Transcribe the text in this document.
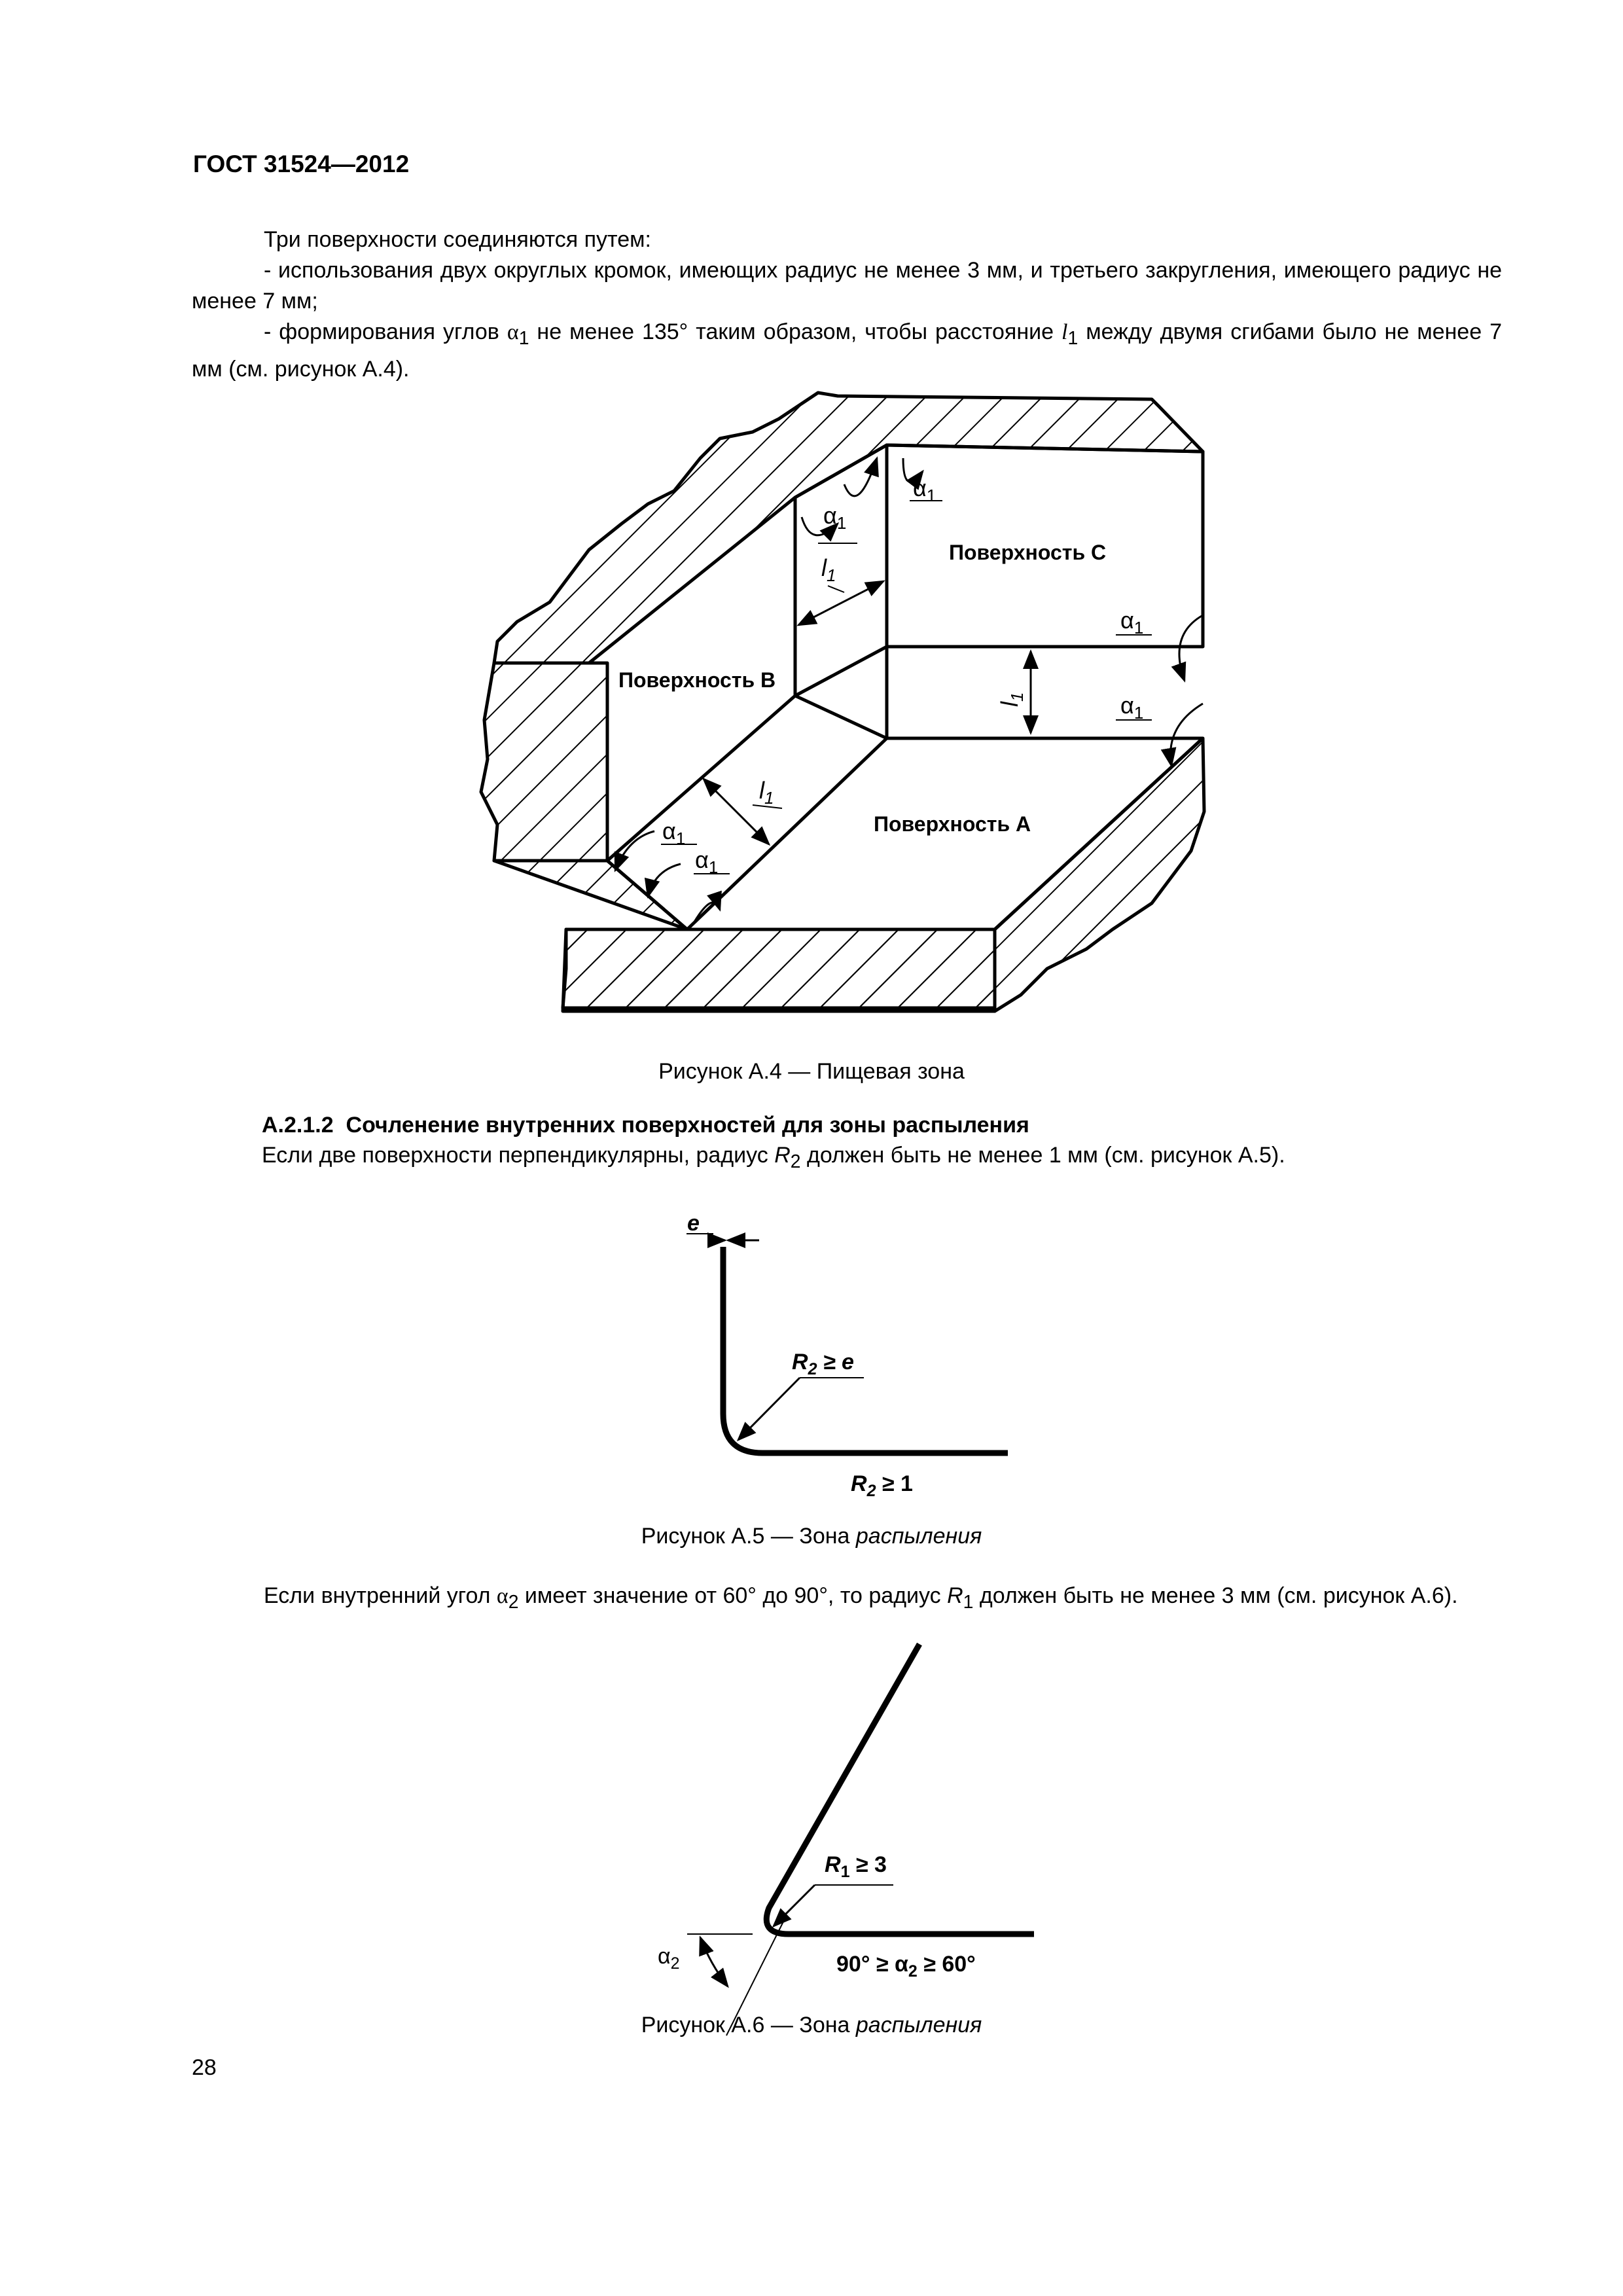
ГОСТ 31524—2012
Три поверхности соединяются путем:
- использования двух округлых кромок, имеющих радиус не менее 3 мм, и третьего закругления, имеющего радиус не менее 7 мм;
- формирования углов $\alpha_1$ не менее 135° таким образом, чтобы расстояние $l_1$ между двумя сгибами было не менее 7 мм (см. рисунок А.4).
Поверхность С
Поверхность В
Поверхность А
$\alpha_1$
$\alpha_1$
$\alpha_1$
$\alpha_1$
$\alpha_1$
$\alpha_1$
$l_1$
$l_1$
$l_1$
e
$R_2 \ge e$
$R_2 \ge 1$
$R_1 \ge 3$
$\alpha_2$	$90^\circ \ge \alpha_2 \ge 60^\circ$
Рисунок А.4 — Пищевая зона
А.2.1.2 Сочленение внутренних поверхностей для зоны распыления
Если две поверхности перпендикулярны, радиус $R_2$ должен быть не менее 1 мм (см. рисунок А.5).
Рисунок А.5 — Зона распыления
Если внутренний угол $\alpha_2$ имеет значение от 60° до 90°, то радиус $R_1$ должен быть не менее 3 мм (см. рисунок А.6).
Рисунок А.6 — Зона распыления
28
